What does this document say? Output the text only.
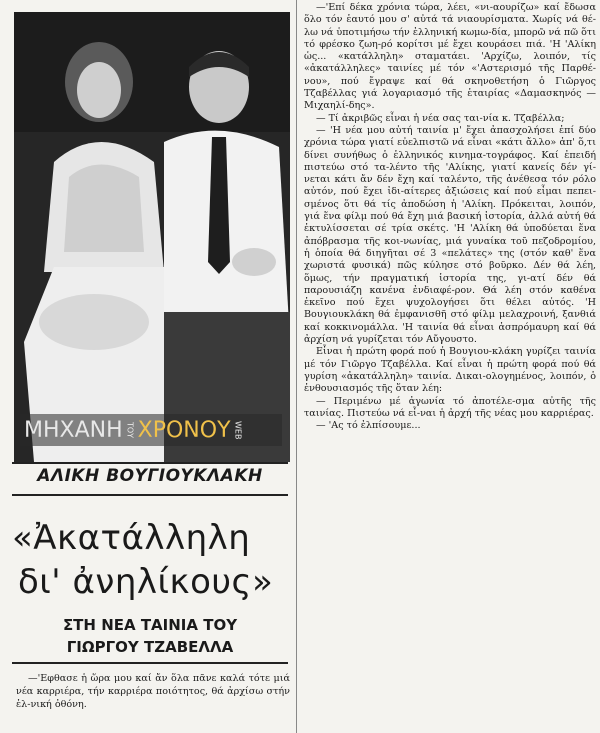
ΜΗΧΑΝΗ ΤΟΥ ΧΡΟΝΟΥ WEB
ΑΛΙΚΗ ΒΟΥΓΙΟΥΚΛΑΚΗ
«Ἀκατάλληλη
δι' ἀνηλίκους»
ΣΤΗ ΝΕΑ ΤΑΙΝΙΑ ΤΟΥ
ΓΙΩΡΓΟΥ ΤΖΑΒΕΛΛΑ

—'Εφθασε ἡ ὥρα μου καί ἄν ὅλα πᾶνε καλά τότε μιά νέα καρριέρα, τήν καρριέρα ποιότητος, θά ἀρχίσω στήν ἑλ-νική ὀθόνη.

—'Επί δέκα χρόνια τώρα, λέει, «νι-αουρίζω» καί ἔδωσα ὅλο τόν ἑαυτό μου σ' αὐτά τά νιαουρίσματα. Χωρίς νά θέ-λω νά ὑποτιμήσω τήν ἑλληνική κωμω-δία, μπορῶ νά πῶ ὅτι τό φρέσκο ζωη-ρό κορίτσι μέ ἔχει κουράσει πιά. 'Η 'Αλίκη ὡς... «κατάλληλη» σταματάει. 'Αρχίζω, λοιπόν, τίς «ἀκατάλληλες» ταινίες μέ τόν «'Αστερισμό τῆς Παρθέ-νου», πού ἔγραψε καί θά σκηνοθετήση ὁ Γιῶργος Τζαβέλλας γιά λογαριασμό τῆς ἑταιρίας «Δαμασκηνός — Μιχαηλί-δης».

— Τί ἀκριβῶς εἶναι ἡ νέα σας ται-νία κ. Τζαβέλλα;

— 'Η νέα μου αὐτή ταινία μ' ἔχει ἀπασχολήσει ἐπί δύο χρόνια τώρα γιατί εὐελπιστῶ νά εἶναι «κάτι ἄλλο» ἀπ' ὅ,τι δίνει συνήθως ὁ ἑλληνικός κινημα-τογράφος. Καί ἐπειδή πιστεύω στό τα-λέντο τῆς 'Αλίκης, γιατί κανείς δέν γί-νεται κάτι ἄν δέν ἔχη καί ταλέντο, τῆς ἀνέθεσα τόν ρόλο αὐτόν, πού ἔχει ἰδι-αίτερες ἀξιώσεις καί πού εἶμαι πεπει-σμένος ὅτι θά τίς ἀποδώση ἡ 'Αλίκη. Πρόκειται, λοιπόν, γιά ἕνα φίλμ πού θά ἔχη μιά βασική ἱστορία, ἀλλά αὐτή θά ἐκτυλίσσεται σέ τρία σκέτς. 'Η 'Αλίκη θά ὑποδύεται ἕνα ἀπόβρασμα τῆς κοι-νωνίας, μιά γυναίκα τοῦ πεζοδρομίου, ἡ ὁποία θά διηγῆται σέ 3 «πελάτες» της (στόν καθ' ἕνα χωριστά φυσικά) πῶς κύλησε στό βοῦρκο. Δέν θά λέη, ὅμως, τήν πραγματική ἱστορία της, γι-ατί δέν θά παρουσιάζη κανένα ἐνδιαφέ-ρον. Θά λέη στόν καθένα ἐκεῖνο πού ἔχει ψυχολογήσει ὅτι θέλει αὐτός. 'Η Βουγιουκλάκη θά ἐμφανισθῆ στό φίλμ μελαχροινή, ξανθιά καί κοκκινομάλλα. 'Η ταινία θά εἶναι ἀσπρόμαυρη καί θά ἀρχίση νά γυρίζεται τόν Αὔγουστο.

Εἶναι ἡ πρώτη φορά πού ἡ Βουγιου-κλάκη γυρίζει ταινία μέ τόν Γιῶργο Τζαβέλλα. Καί εἶναι ἡ πρώτη φορά πού θά γυρίση «ἀκατάλληλη» ταινία. Δικαι-ολογημένος, λοιπόν, ὁ ἐνθουσιασμός τῆς ὅταν λέη:

— Περιμένω μέ ἀγωνία τό ἀποτέλε-σμα αὐτῆς τῆς ταινίας. Πιστεύω νά εἶ-ναι ἡ ἀρχή τῆς νέας μου καρριέρας.

— 'Ας τό ἐλπίσουμε...
